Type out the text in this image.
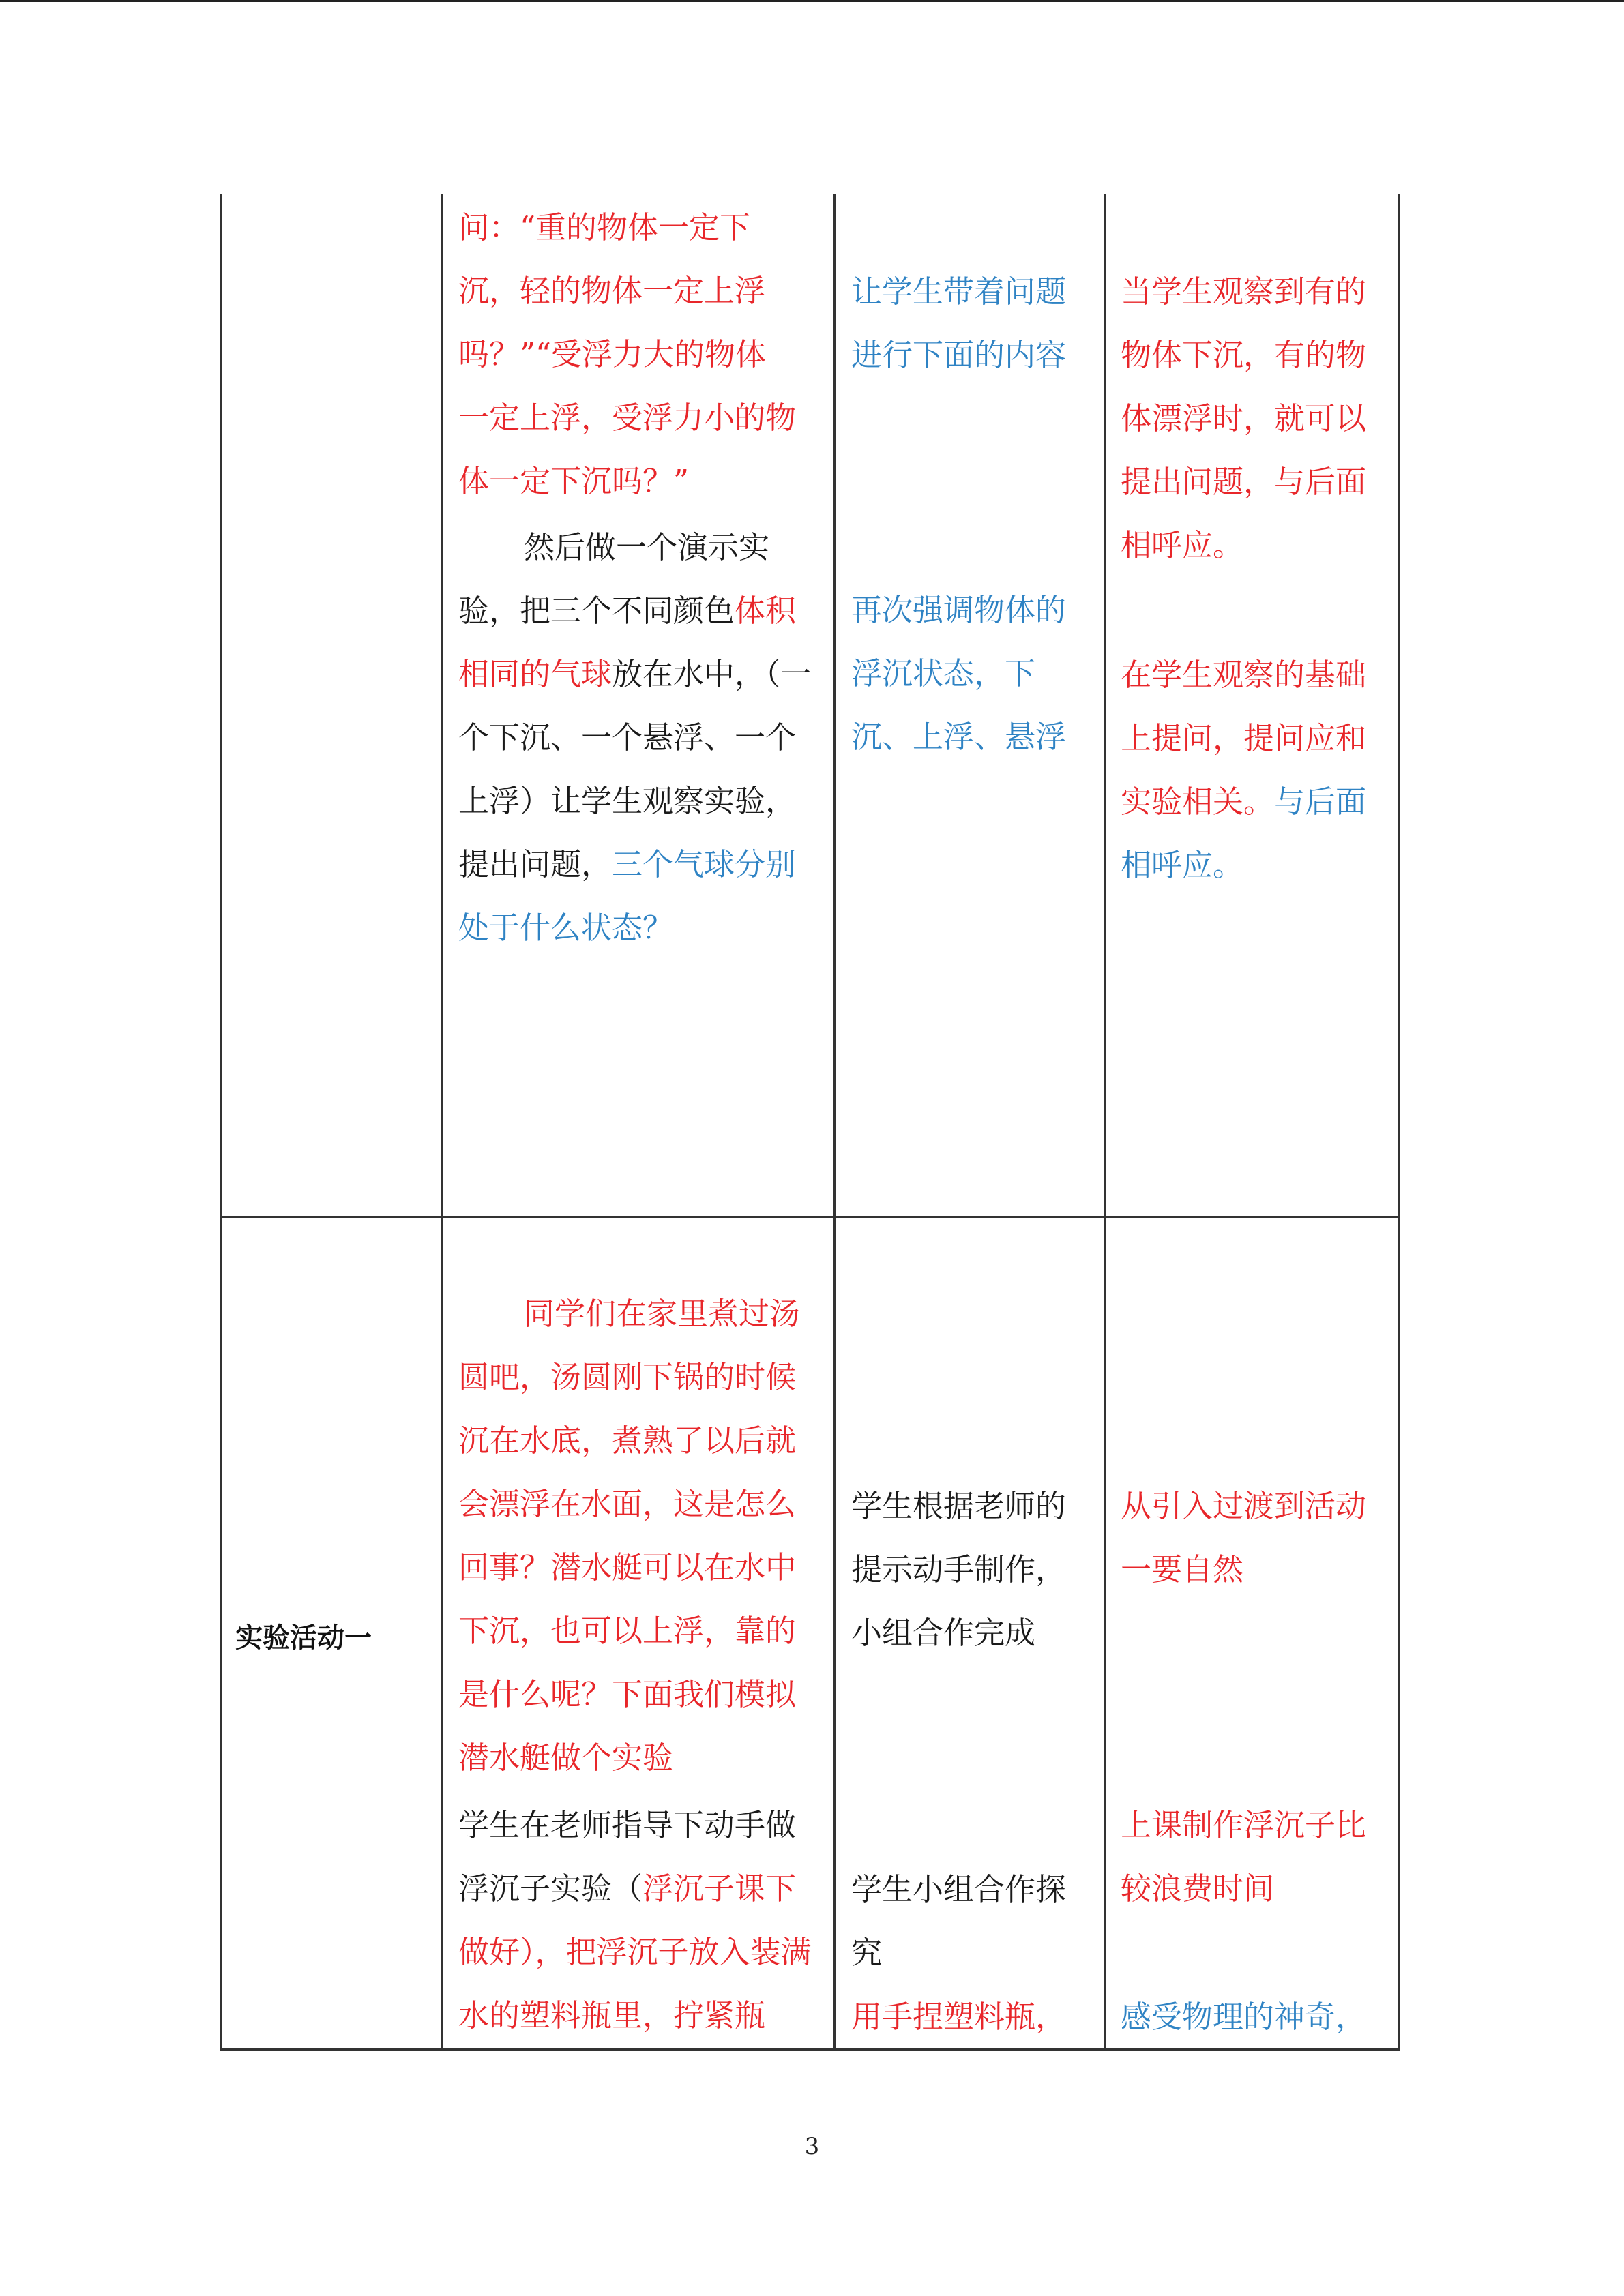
问：“重的物体一定下
沉，轻的物体一定上浮
吗？”“受浮力大的物体
一定上浮，受浮力小的物
体一定下沉吗？”
然后做一个演示实验，把三个不同颜色体积相同的气球放在水中，（一个下沉、一个悬浮、一个上浮）让学生观察实验，提出问题，三个气球分别处于什么状态？
让学生带着问题进行下面的内容
再次强调物体的浮沉状态，下沉、上浮、悬浮
当学生观察到有的物体下沉，有的物体漂浮时，就可以提出问题，与后面相呼应。
在学生观察的基础上提问，提问应和实验相关。与后面相呼应。
实验活动一
同学们在家里煮过汤圆吧，汤圆刚下锅的时候沉在水底，煮熟了以后就会漂浮在水面，这是怎么回事？潜水艇可以在水中下沉，也可以上浮，靠的是什么呢？下面我们模拟潜水艇做个实验
学生在老师指导下动手做浮沉子实验（浮沉子课下做好），把浮沉子放入装满水的塑料瓶里，拧紧瓶
学生根据老师的提示动手制作，小组合作完成
学生小组合作探究
用手捏塑料瓶，
从引入过渡到活动一要自然
上课制作浮沉子比较浪费时间
感受物理的神奇，
3
